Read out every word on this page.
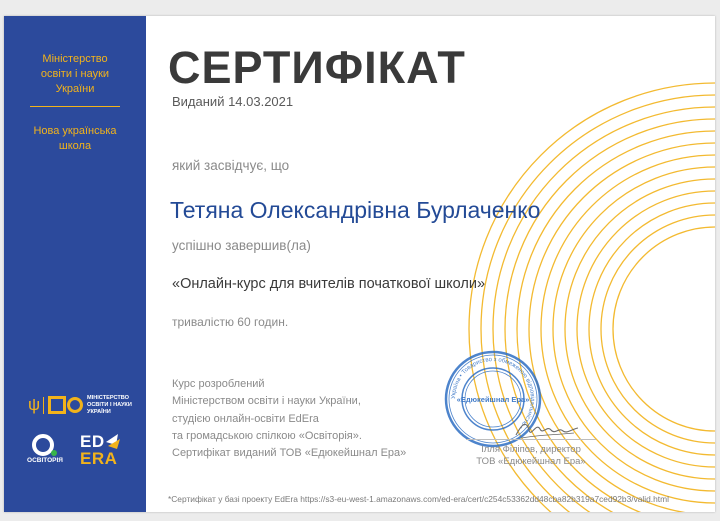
Міністерство
освіти і науки
України
Нова українська
школа
ψ	МІНІСТЕРСТВО
ОСВІТИ І НАУКИ
УКРАЇНИ
ОСВІТОРІЯ
ED
ERA
СЕРТИФІКАТ
Виданий 14.03.2021
який засвідчує, що
Тетяна Олександрівна Бурлаченко
успішно завершив(ла)
«Онлайн-курс для вчителів початкової школи»
тривалістю 60 годин.
Курс розроблений
Міністерством освіти і науки України,
студією онлайн-освіти EdEra
та громадською спілкою «Освіторія».
Сертифікат виданий ТОВ «Едюкейшнал Ера»
Україна • Товариство з обмеженою відповідальністю •
«Едюкейшнал Ера»
Ілля Філіпов, директор
ТОВ «Едюкейшнал Ера»
*Сертифікат у базі проекту EdEra https://s3-eu-west-1.amazonaws.com/ed-era/cert/c254c53362dd48cba82b319a7ced92b3/valid.html
